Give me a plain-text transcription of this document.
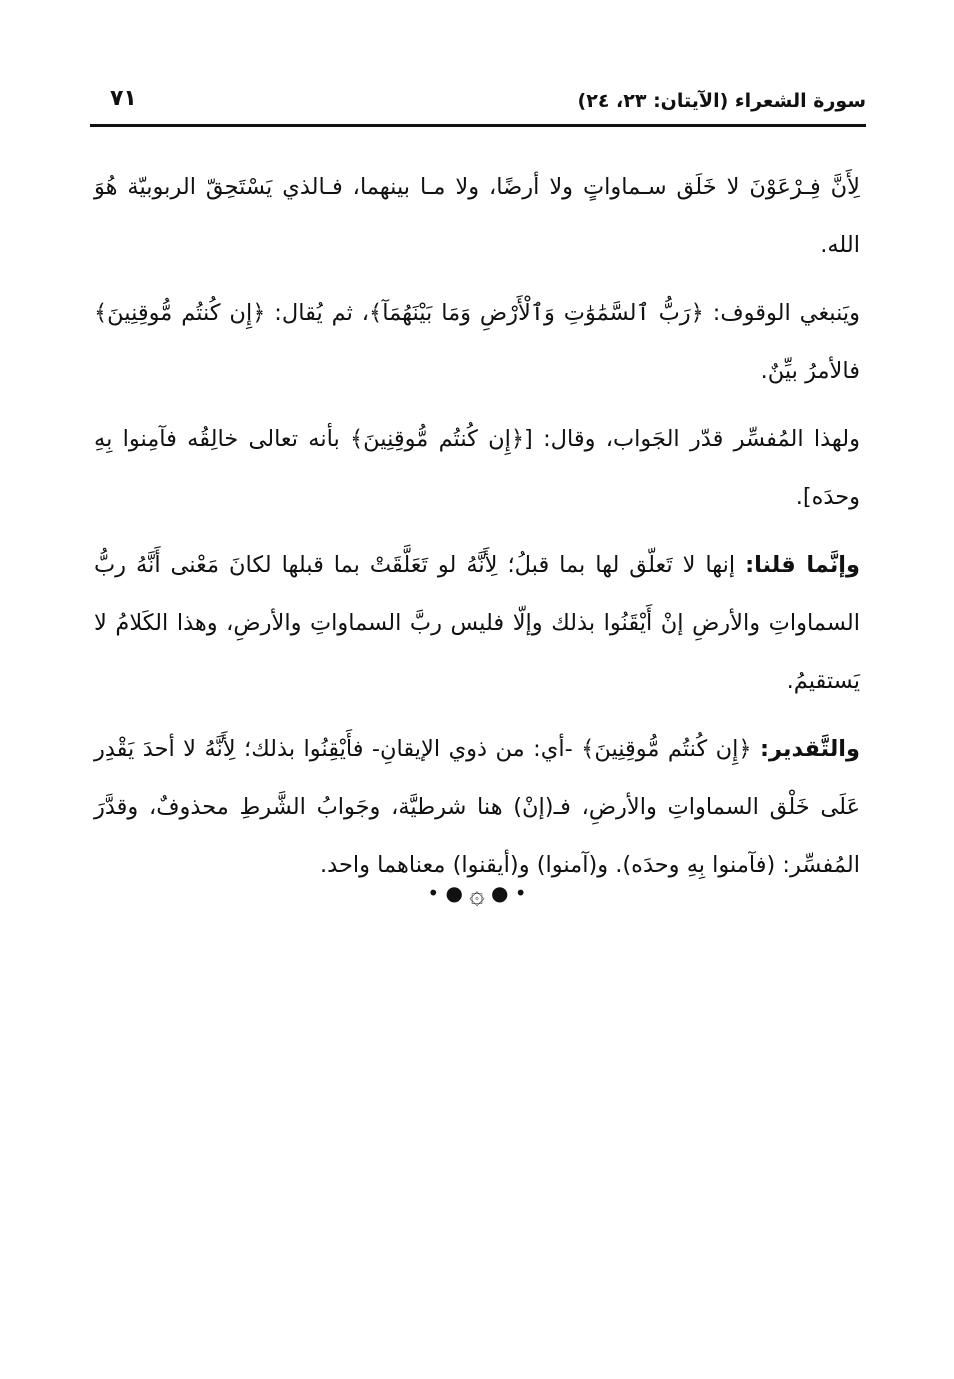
سورة الشعراء (الآيتان: ٢٣، ٢٤)
٧١

لِأَنَّ فِـرْعَوْنَ لا خَلَق سـماواتٍ ولا أرضًا، ولا مـا بينهما، فـالذي يَسْتَحِقّ الربوبيّة هُوَ الله.

ويَنبغي الوقوف: ﴿رَبُّ ٱلسَّمَٰوَٰتِ وَٱلْأَرْضِ وَمَا بَيْنَهُمَآ﴾، ثم يُقال: ﴿إِن كُنتُم مُّوقِنِينَ﴾ فالأمرُ بيِّنٌ.

ولهذا المُفسِّر قدّر الجَواب، وقال: [﴿إِن كُنتُم مُّوقِنِينَ﴾ بأنه تعالى خالِقُه فآمِنوا بِهِ وحدَه].

وإنَّما قلنا: إنها لا تَعلّق لها بما قبلُ؛ لِأَنَّهُ لو تَعَلَّقَتْ بما قبلها لكانَ مَعْنى أَنَّهُ ربُّ السماواتِ والأرضِ إنْ أَيْقَنُوا بذلك وإلّا فليس ربَّ السماواتِ والأرضِ، وهذا الكَلامُ لا يَستقيمُ.

والتَّقدير: ﴿إِن كُنتُم مُّوقِنِينَ﴾ -أي: من ذوي الإيقانِ- فأَيْقِنُوا بذلك؛ لِأَنَّهُ لا أحدَ يَقْدِر عَلَى خَلْق السماواتِ والأرضِ، فـ(إنْ) هنا شرطيَّة، وجَوابُ الشَّرطِ محذوفٌ، وقدَّرَ المُفسِّر: (فآمنوا بِهِ وحدَه). و(آمنوا) و(أيقنوا) معناهما واحد.

• ● ۞ ● •
